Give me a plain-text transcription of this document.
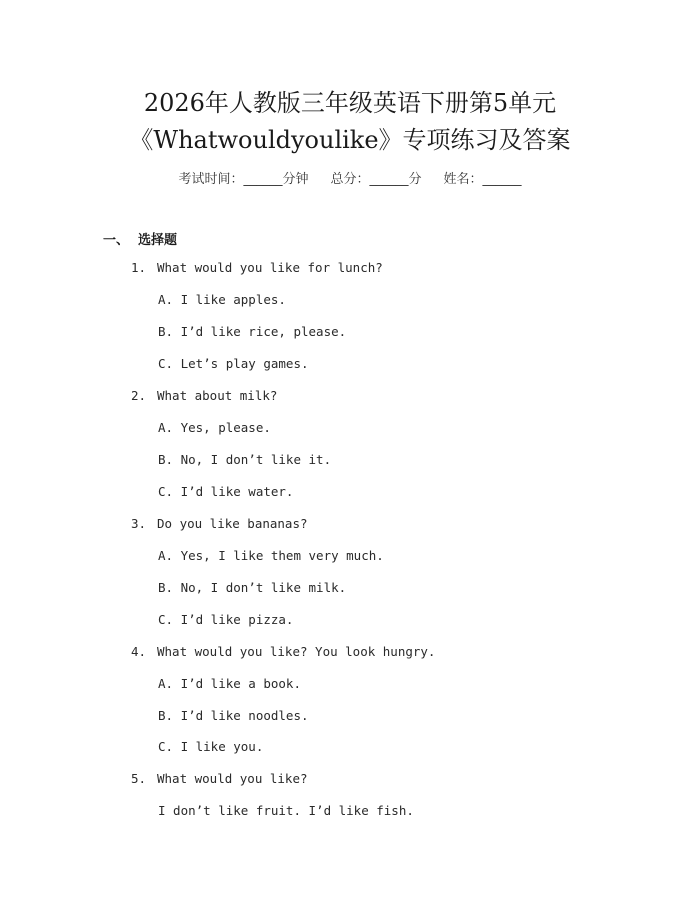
2026年人教版三年级英语下册第5单元
《Whatwouldyoulike》专项练习及答案
考试时间：______分钟 总分：______分 姓名：______
一、 选择题
1. What would you like for lunch?
A. I like apples.
B. I’d like rice, please.
C. Let’s play games.
2. What about milk?
A. Yes, please.
B. No, I don’t like it.
C. I’d like water.
3. Do you like bananas?
A. Yes, I like them very much.
B. No, I don’t like milk.
C. I’d like pizza.
4. What would you like? You look hungry.
A. I’d like a book.
B. I’d like noodles.
C. I like you.
5. What would you like?
I don’t like fruit. I’d like fish.
